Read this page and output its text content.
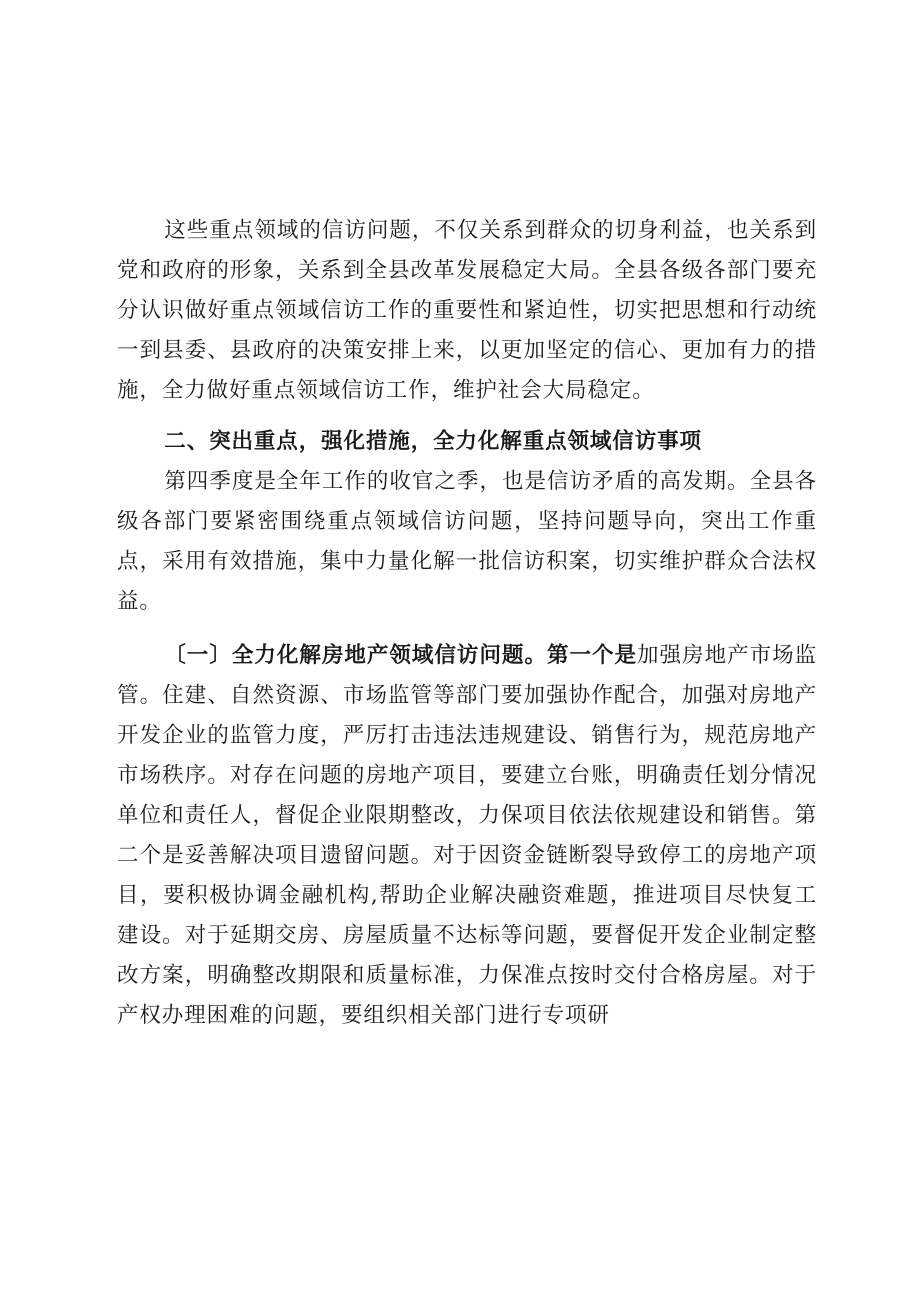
这些重点领域的信访问题，不仅关系到群众的切身利益，也关系到党和政府的形象，关系到全县改革发展稳定大局。全县各级各部门要充分认识做好重点领域信访工作的重要性和紧迫性，切实把思想和行动统一到县委、县政府的决策安排上来，以更加坚定的信心、更加有力的措施，全力做好重点领域信访工作，维护社会大局稳定。

二、突出重点，强化措施，全力化解重点领域信访事项

第四季度是全年工作的收官之季，也是信访矛盾的高发期。全县各级各部门要紧密围绕重点领域信访问题，坚持问题导向，突出工作重点，采用有效措施，集中力量化解一批信访积案，切实维护群众合法权益。

〔一〕全力化解房地产领域信访问题。第一个是加强房地产市场监管。住建、自然资源、市场监管等部门要加强协作配合，加强对房地产开发企业的监管力度，严厉打击违法违规建设、销售行为，规范房地产市场秩序。对存在问题的房地产项目，要建立台账，明确责任划分情况单位和责任人，督促企业限期整改，力保项目依法依规建设和销售。第二个是妥善解决项目遗留问题。对于因资金链断裂导致停工的房地产项目，要积极协调金融机构,帮助企业解决融资难题，推进项目尽快复工建设。对于延期交房、房屋质量不达标等问题，要督促开发企业制定整改方案，明确整改期限和质量标准，力保准点按时交付合格房屋。对于产权办理困难的问题，要组织相关部门进行专项研
